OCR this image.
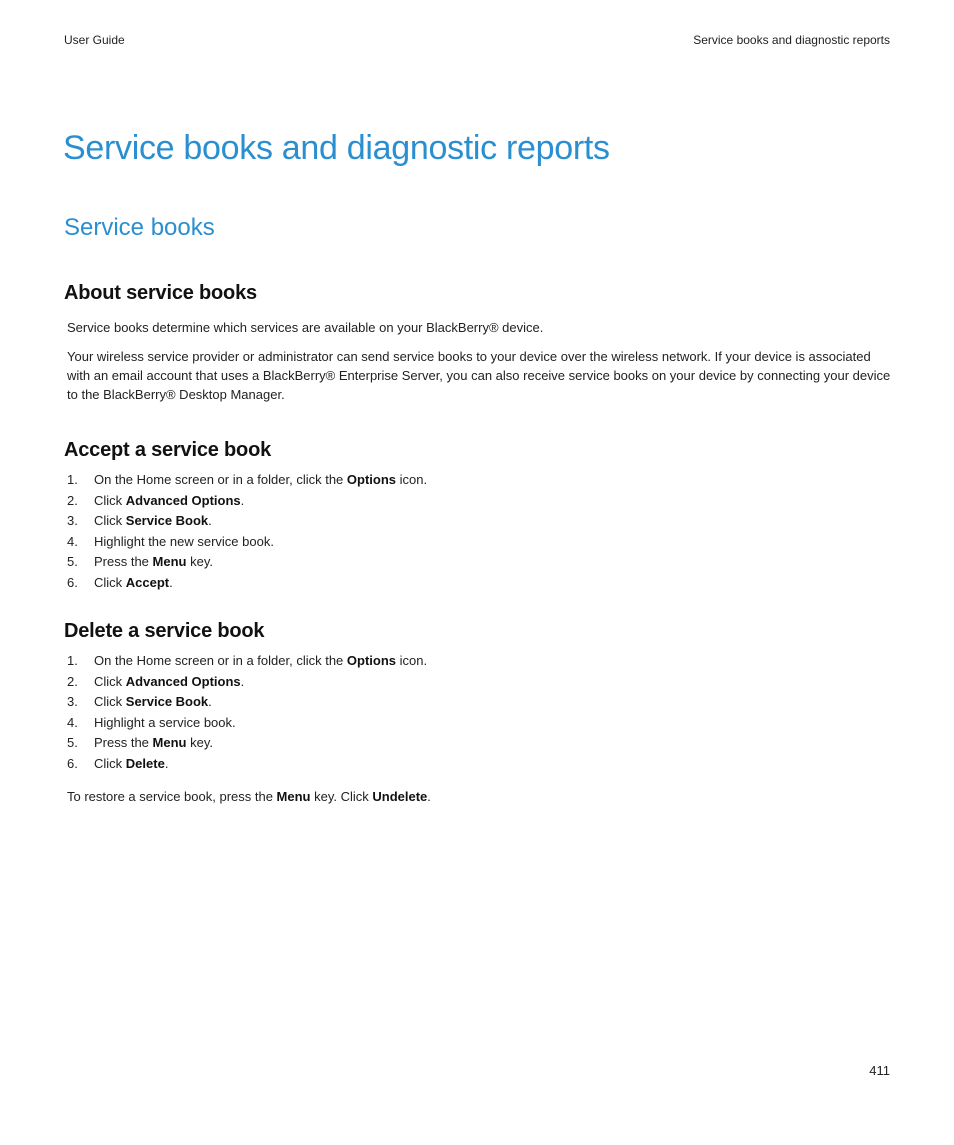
User Guide	Service books and diagnostic reports
Service books and diagnostic reports
Service books
About service books

Service books determine which services are available on your BlackBerry® device.

Your wireless service provider or administrator can send service books to your device over the wireless network. If your device is associated with an email account that uses a BlackBerry® Enterprise Server, you can also receive service books on your device by connecting your device to the BlackBerry® Desktop Manager.

Accept a service book
1. On the Home screen or in a folder, click the Options icon.
2. Click Advanced Options.
3. Click Service Book.
4. Highlight the new service book.
5. Press the Menu key.
6. Click Accept.
Delete a service book
1. On the Home screen or in a folder, click the Options icon.
2. Click Advanced Options.
3. Click Service Book.
4. Highlight a service book.
5. Press the Menu key.
6. Click Delete.

To restore a service book, press the Menu key. Click Undelete.

411
